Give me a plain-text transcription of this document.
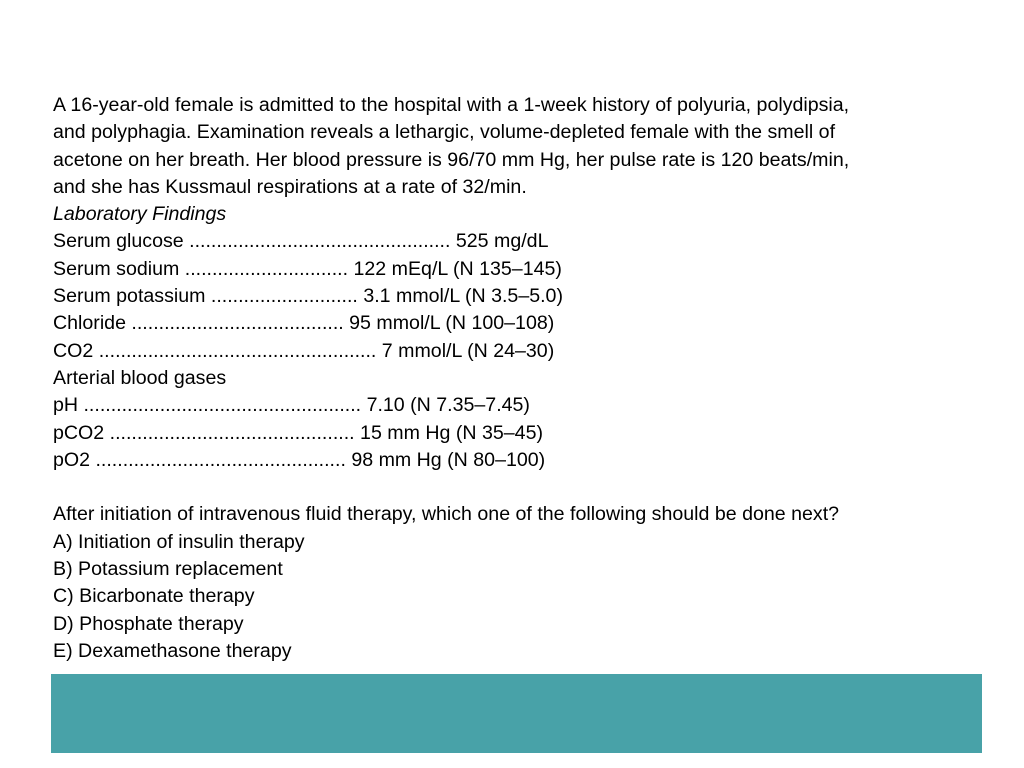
A 16-year-old female is admitted to the hospital with a 1-week history of polyuria, polydipsia,
and polyphagia. Examination reveals a lethargic, volume-depleted female with the smell of
acetone on her breath. Her blood pressure is 96/70 mm Hg, her pulse rate is 120 beats/min,
and she has Kussmaul respirations at a rate of 32/min.
Laboratory Findings
Serum glucose ................................................ 525 mg/dL
Serum sodium .............................. 122 mEq/L (N 135–145)
Serum potassium ........................... 3.1 mmol/L (N 3.5–5.0)
Chloride ....................................... 95 mmol/L (N 100–108)
CO2 ................................................... 7 mmol/L (N 24–30)
Arterial blood gases
pH ................................................... 7.10 (N 7.35–7.45)
pCO2 ............................................. 15 mm Hg (N 35–45)
pO2 .............................................. 98 mm Hg (N 80–100)
After initiation of intravenous fluid therapy, which one of the following should be done next?
A) Initiation of insulin therapy
B) Potassium replacement
C) Bicarbonate therapy
D) Phosphate therapy
E) Dexamethasone therapy
